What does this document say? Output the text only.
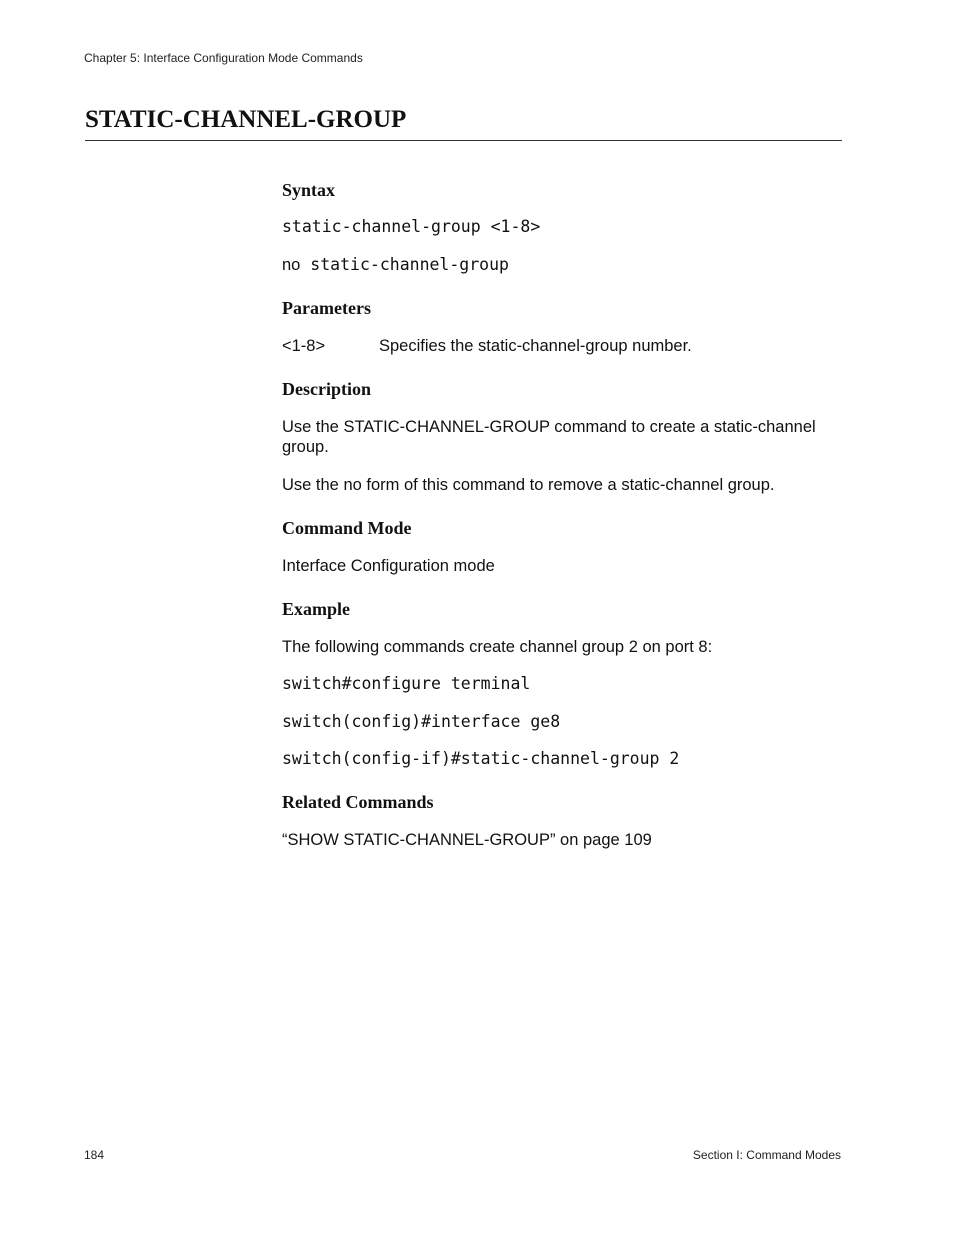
Chapter 5: Interface Configuration Mode Commands
STATIC-CHANNEL-GROUP
Syntax
static-channel-group <1-8>
no static-channel-group
Parameters
<1-8>	Specifies the static-channel-group number.
Description
Use the STATIC-CHANNEL-GROUP command to create a static-channel group.
Use the no form of this command to remove a static-channel group.
Command Mode
Interface Configuration mode
Example
The following commands create channel group 2 on port 8:
switch#configure terminal
switch(config)#interface ge8
switch(config-if)#static-channel-group 2
Related Commands
“SHOW STATIC-CHANNEL-GROUP” on page 109
184	Section I: Command Modes
